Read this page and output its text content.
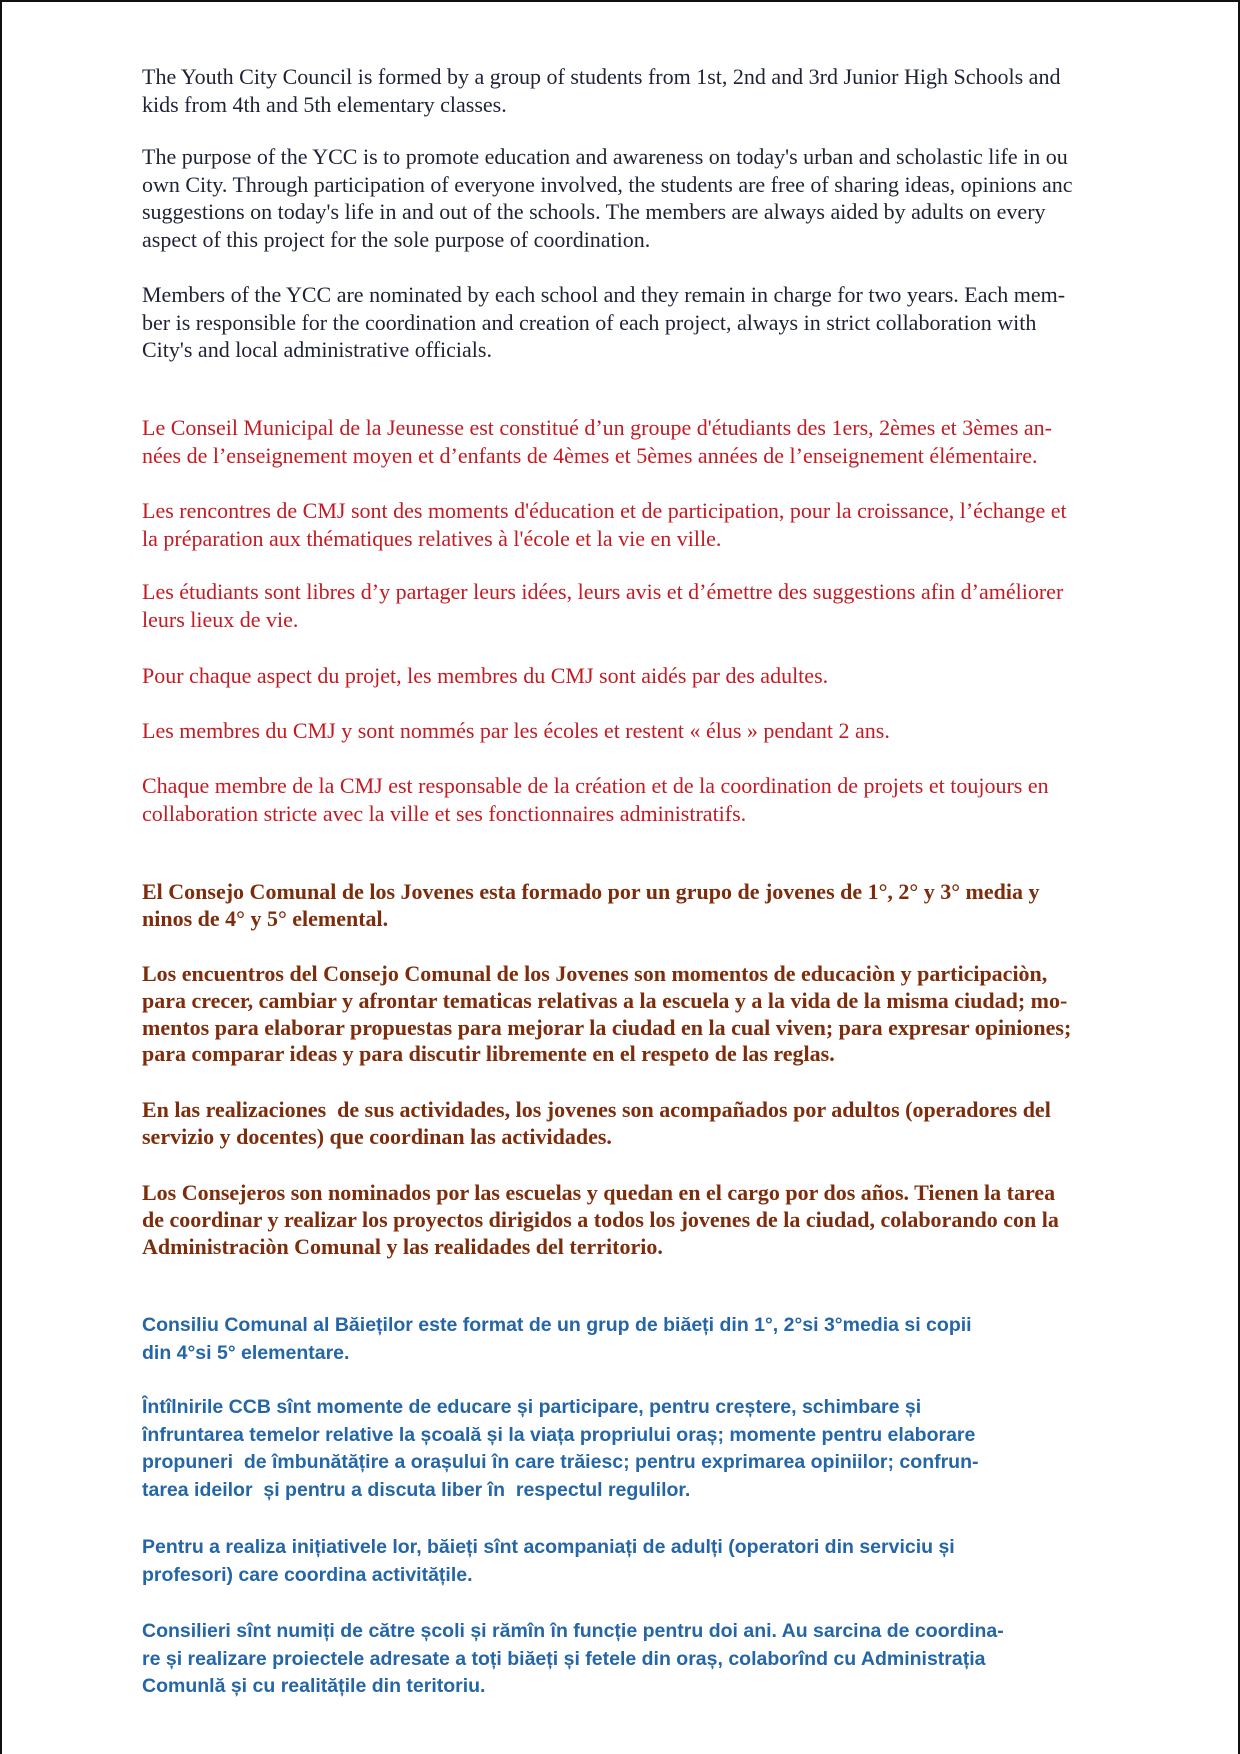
The Youth City Council is formed by a group of students from 1st, 2nd and 3rd Junior High Schools and
kids from 4th and 5th elementary classes.
The purpose of the YCC is to promote education and awareness on today's urban and scholastic life in ou
own City. Through participation of everyone involved, the students are free of sharing ideas, opinions anc
suggestions on today's life in and out of the schools. The members are always aided by adults on every
aspect of this project for the sole purpose of coordination.
Members of the YCC are nominated by each school and they remain in charge for two years. Each mem-
ber is responsible for the coordination and creation of each project, always in strict collaboration with
City's and local administrative officials.
Le Conseil Municipal de la Jeunesse est constitué d’un groupe d'étudiants des 1ers, 2èmes et 3èmes an-
nées de l’enseignement moyen et d’enfants de 4èmes et 5èmes années de l’enseignement élémentaire.
Les rencontres de CMJ sont des moments d'éducation et de participation, pour la croissance, l’échange et
la préparation aux thématiques relatives à l'école et la vie en ville.
Les étudiants sont libres d’y partager leurs idées, leurs avis et d’émettre des suggestions afin d’améliorer
leurs lieux de vie.
Pour chaque aspect du projet, les membres du CMJ sont aidés par des adultes.
Les membres du CMJ y sont nommés par les écoles et restent « élus » pendant 2 ans.
Chaque membre de la CMJ est responsable de la création et de la coordination de projets et toujours en
collaboration stricte avec la ville et ses fonctionnaires administratifs.
El Consejo Comunal de los Jovenes esta formado por un grupo de jovenes de 1°, 2° y 3° media y
ninos de 4° y 5° elemental.
Los encuentros del Consejo Comunal de los Jovenes son momentos de educaciòn y participaciòn,
para crecer, cambiar y afrontar tematicas relativas a la escuela y a la vida de la misma ciudad; mo-
mentos para elaborar propuestas para mejorar la ciudad en la cual viven; para expresar opiniones;
para comparar ideas y para discutir libremente en el respeto de las reglas.
En las realizaciones  de sus actividades, los jovenes son acompañados por adultos (operadores del
servizio y docentes) que coordinan las actividades.
Los Consejeros son nominados por las escuelas y quedan en el cargo por dos años. Tienen la tarea
de coordinar y realizar los proyectos dirigidos a todos los jovenes de la ciudad, colaborando con la
Administraciòn Comunal y las realidades del territorio.
Consiliu Comunal al Băieților este format de un grup de biăeți din 1°, 2°si 3°media si copii
din 4°si 5° elementare.
Întîlnirile CCB sînt momente de educare și participare, pentru creștere, schimbare și
înfruntarea temelor relative la școală și la viața propriului oraș; momente pentru elaborare
propuneri  de îmbunătățire a orașului în care trăiesc; pentru exprimarea opiniilor; confrun-
tarea ideilor  și pentru a discuta liber în  respectul regulilor.
Pentru a realiza inițiativele lor, băieți sînt acompaniați de adulți (operatori din serviciu și
profesori) care coordina activitățile.
Consilieri sînt numiți de către școli și rămîn în funcție pentru doi ani. Au sarcina de coordina-
re și realizare proiectele adresate a toți biăeți și fetele din oraș, colaborînd cu Administrația
Comunlă și cu realitățile din teritoriu.
